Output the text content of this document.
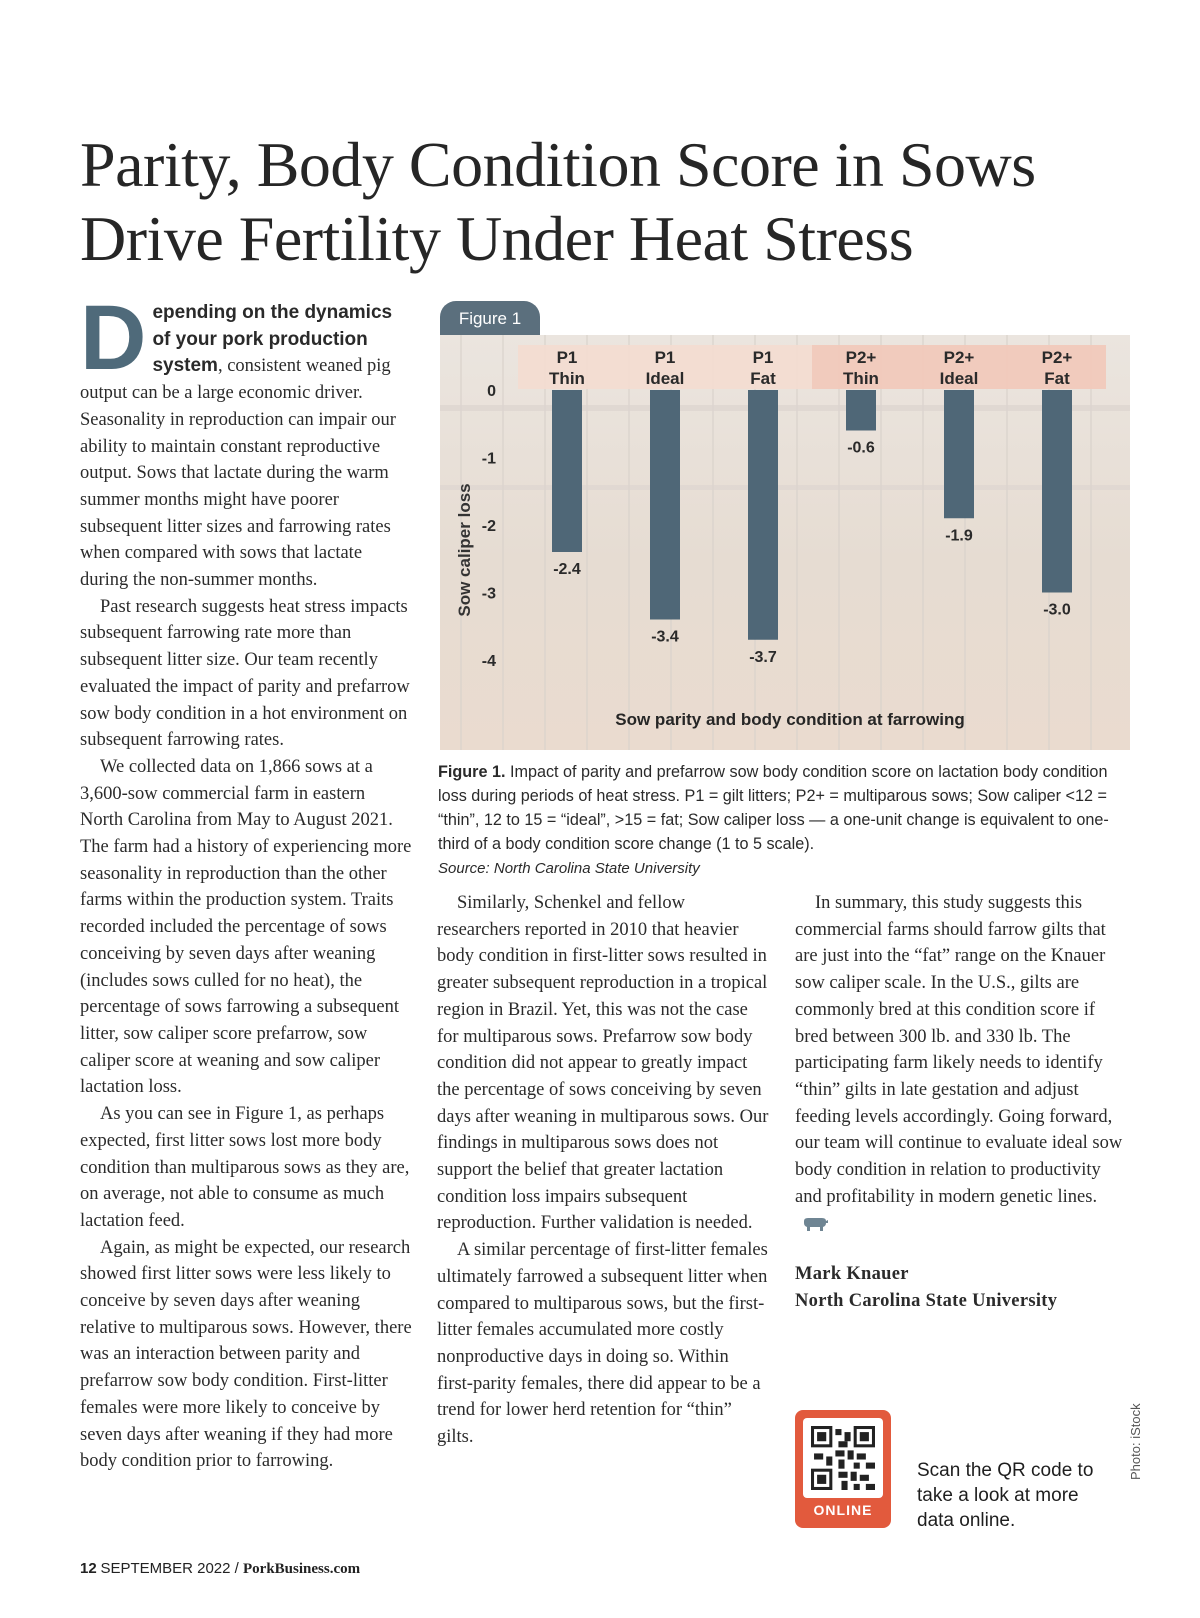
Parity, Body Condition Score in Sows Drive Fertility Under Heat Stress

Depending on the dynamics of your pork production system, consistent weaned pig output can be a large economic driver. Seasonality in reproduction can impair our ability to maintain constant reproductive output. Sows that lactate during the warm summer months might have poorer subsequent litter sizes and farrowing rates when compared with sows that lactate during the non-summer months.

Past research suggests heat stress impacts subsequent farrowing rate more than subsequent litter size. Our team recently evaluated the impact of parity and prefarrow sow body condition in a hot environment on subsequent farrowing rates.

We collected data on 1,866 sows at a 3,600-sow commercial farm in eastern North Carolina from May to August 2021. The farm had a history of experiencing more seasonality in reproduction than the other farms within the production system. Traits recorded included the percentage of sows conceiving by seven days after weaning (includes sows culled for no heat), the percentage of sows farrowing a subsequent litter, sow caliper score prefarrow, sow caliper score at weaning and sow caliper lactation loss.

As you can see in Figure 1, as perhaps expected, first litter sows lost more body condition than multiparous sows as they are, on average, not able to consume as much lactation feed.

Again, as might be expected, our research showed first litter sows were less likely to conceive by seven days after weaning relative to multiparous sows. However, there was an interaction between parity and prefarrow sow body condition. First-litter females were more likely to conceive by seven days after weaning if they had more body condition prior to farrowing.

Similarly, Schenkel and fellow researchers reported in 2010 that heavier body condition in first-litter sows resulted in greater subsequent reproduction in a tropical region in Brazil. Yet, this was not the case for multiparous sows. Prefarrow sow body condition did not appear to greatly impact the percentage of sows conceiving by seven days after weaning in multiparous sows. Our findings in multiparous sows does not support the belief that greater lactation condition loss impairs subsequent reproduction. Further validation is needed.

A similar percentage of first-litter females ultimately farrowed a subsequent litter when compared to multiparous sows, but the first-litter females accumulated more costly nonproductive days in doing so. Within first-parity females, there did appear to be a trend for lower herd retention for “thin” gilts.

In summary, this study suggests this commercial farms should farrow gilts that are just into the “fat” range on the Knauer sow caliper scale. In the U.S., gilts are commonly bred at this condition score if bred between 300 lb. and 330 lb. The participating farm likely needs to identify “thin” gilts in late gestation and adjust feeding levels accordingly. Going forward, our team will continue to evaluate ideal sow body condition in relation to productivity and profitability in modern genetic lines.

Mark Knauer
North Carolina State University

Figure 1
P1
Thin
P1
Ideal
P1
Fat
P2+
Thin
P2+
Ideal
P2+
Fat
0
-1
-2
-3
-4
-2.4
-3.4
-3.7
-0.6
-1.9
-3.0
Sow caliper loss
Sow parity and body condition at farrowing
Figure 1. Impact of parity and prefarrow sow body condition score on lactation body condition loss during periods of heat stress. P1 = gilt litters; P2+ = multiparous sows; Sow caliper <12 = “thin”, 12 to 15 = “ideal”, >15 = fat; Sow caliper loss — a one-unit change is equivalent to one-third of a body condition score change (1 to 5 scale).
Source: North Carolina State University
ONLINE
Scan the QR code to take a look at more data online.
Photo: iStock
12 SEPTEMBER 2022 / PorkBusiness.com
